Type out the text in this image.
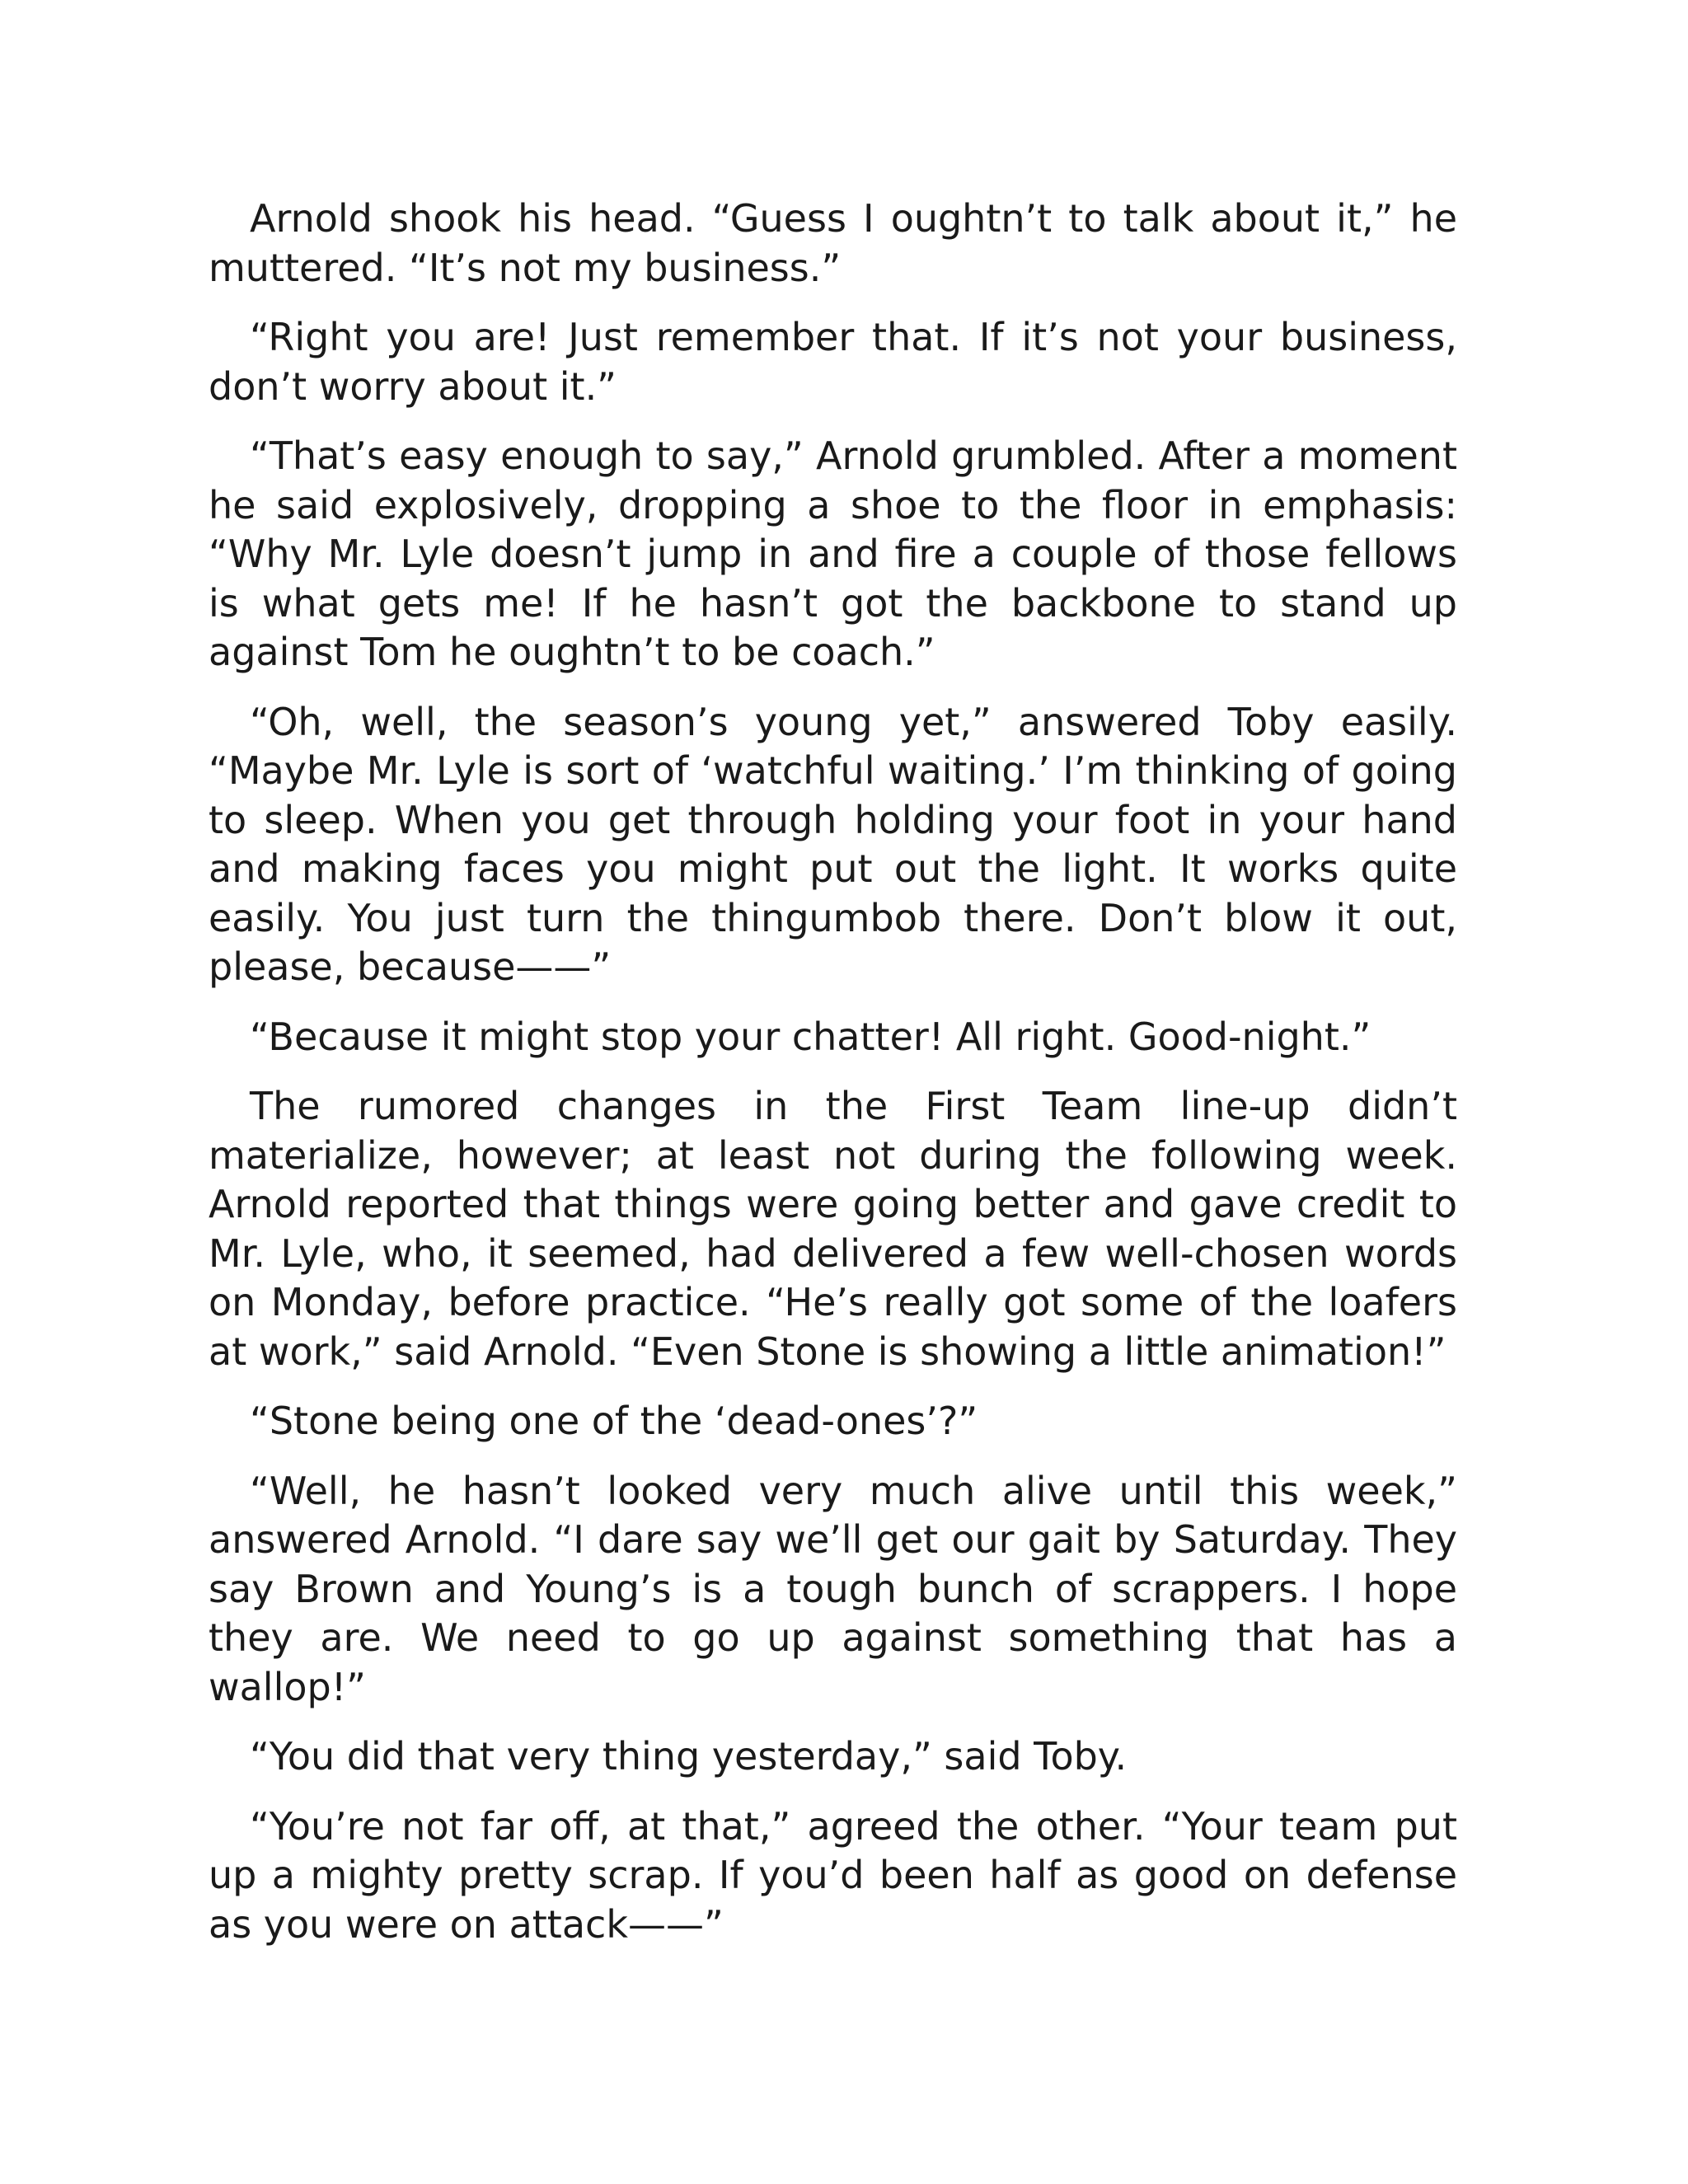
Arnold shook his head. “Guess I oughtn’t to talk about it,” he muttered. “It’s not my business.”

“Right you are! Just remember that. If it’s not your business, don’t worry about it.”

“That’s easy enough to say,” Arnold grumbled. After a moment he said explosively, dropping a shoe to the floor in emphasis: “Why Mr. Lyle doesn’t jump in and fire a couple of those fellows is what gets me! If he hasn’t got the backbone to stand up against Tom he oughtn’t to be coach.”

“Oh, well, the season’s young yet,” answered Toby easily. “Maybe Mr. Lyle is sort of ‘watchful waiting.’ I’m thinking of going to sleep. When you get through holding your foot in your hand and making faces you might put out the light. It works quite easily. You just turn the thingumbob there. Don’t blow it out, please, because——”

“Because it might stop your chatter! All right. Good-night.”

The rumored changes in the First Team line-up didn’t materialize, however; at least not during the following week. Arnold reported that things were going better and gave credit to Mr. Lyle, who, it seemed, had delivered a few well-chosen words on Monday, before practice. “He’s really got some of the loafers at work,” said Arnold. “Even Stone is showing a little animation!”

“Stone being one of the ‘dead-ones’?”

“Well, he hasn’t looked very much alive until this week,” answered Arnold. “I dare say we’ll get our gait by Saturday. They say Brown and Young’s is a tough bunch of scrappers. I hope they are. We need to go up against something that has a wallop!”

“You did that very thing yesterday,” said Toby.

“You’re not far off, at that,” agreed the other. “Your team put up a mighty pretty scrap. If you’d been half as good on defense as you were on attack——”
